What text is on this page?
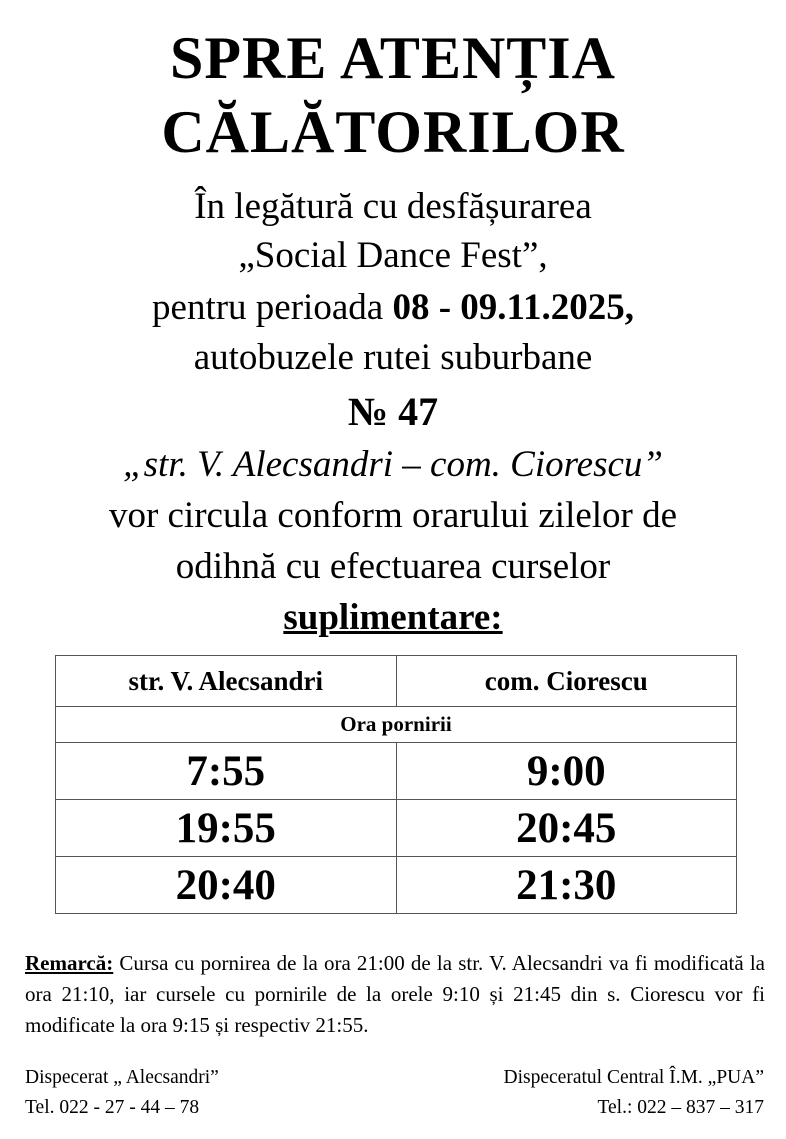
SPRE ATENȚIA
CĂLĂTORILOR
În legătură cu desfășurarea
„Social Dance Fest”,
pentru perioada 08 - 09.11.2025,
autobuzele rutei suburbane
№ 47
„str. V. Alecsandri – com. Ciorescu”
vor circula conform orarului zilelor de
odihnă cu efectuarea curselor
suplimentare:
str. V. Alecsandri	com. Ciorescu
Ora pornirii	
7:55	9:00
19:55	20:45
20:40	21:30
Remarcă: Cursa cu pornirea de la ora 21:00 de la str. V. Alecsandri va fi modificată la ora 21:10, iar cursele cu pornirile de la orele 9:10 și 21:45 din s. Ciorescu vor fi modificate la ora 9:15 și respectiv 21:55.
Dispecerat „ Alecsandri”
Tel. 022 - 27 - 44 – 78
Dispeceratul Central Î.M. „PUA”
Tel.: 022 – 837 – 317
